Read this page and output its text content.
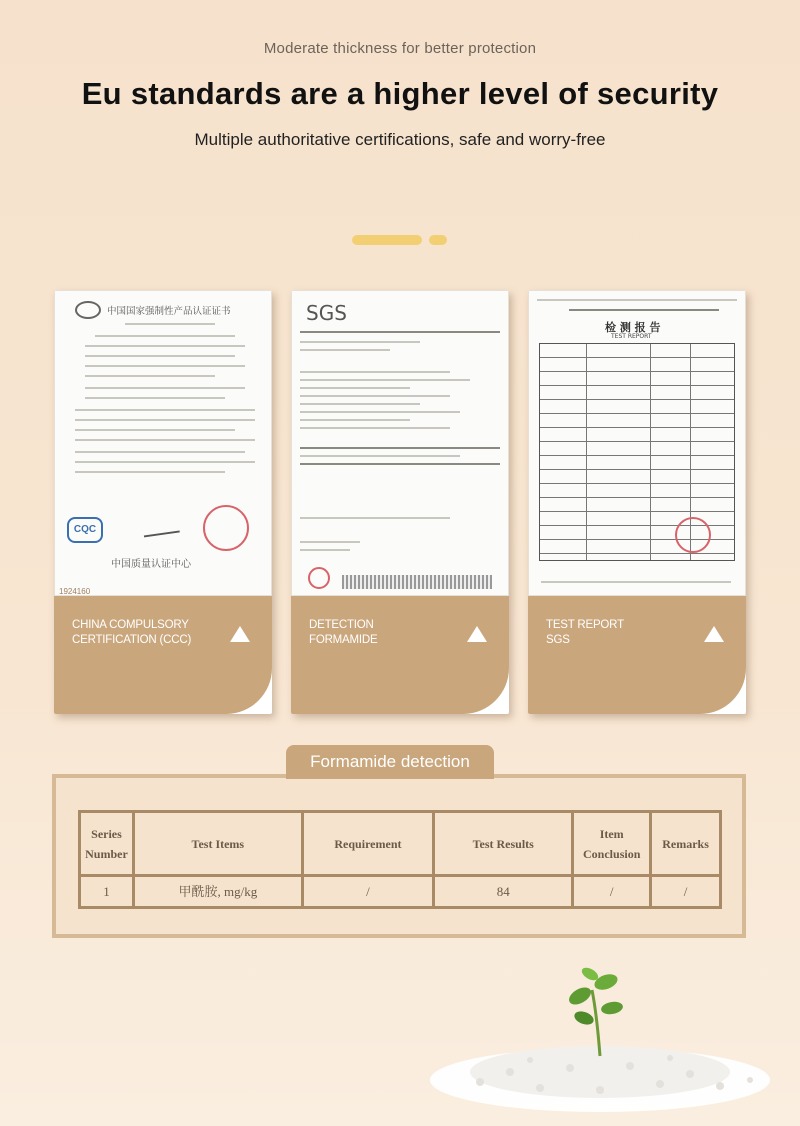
Moderate thickness for better protection
Eu standards are a higher level of security
Multiple authoritative certifications, safe and worry-free
中国国家强制性产品认证证书
CQC
中国质量认证中心
1924160
CHINA COMPULSORY
CERTIFICATION (CCC)
SGS
DETECTION
FORMAMIDE
检 测 报 告
TEST REPORT
TEST REPORT
SGS
Formamide detection
Series Number	Test Items	Requirement	Test Results	Item Conclusion	Remarks
1	甲酰胺, mg/kg	/	84	/	/
